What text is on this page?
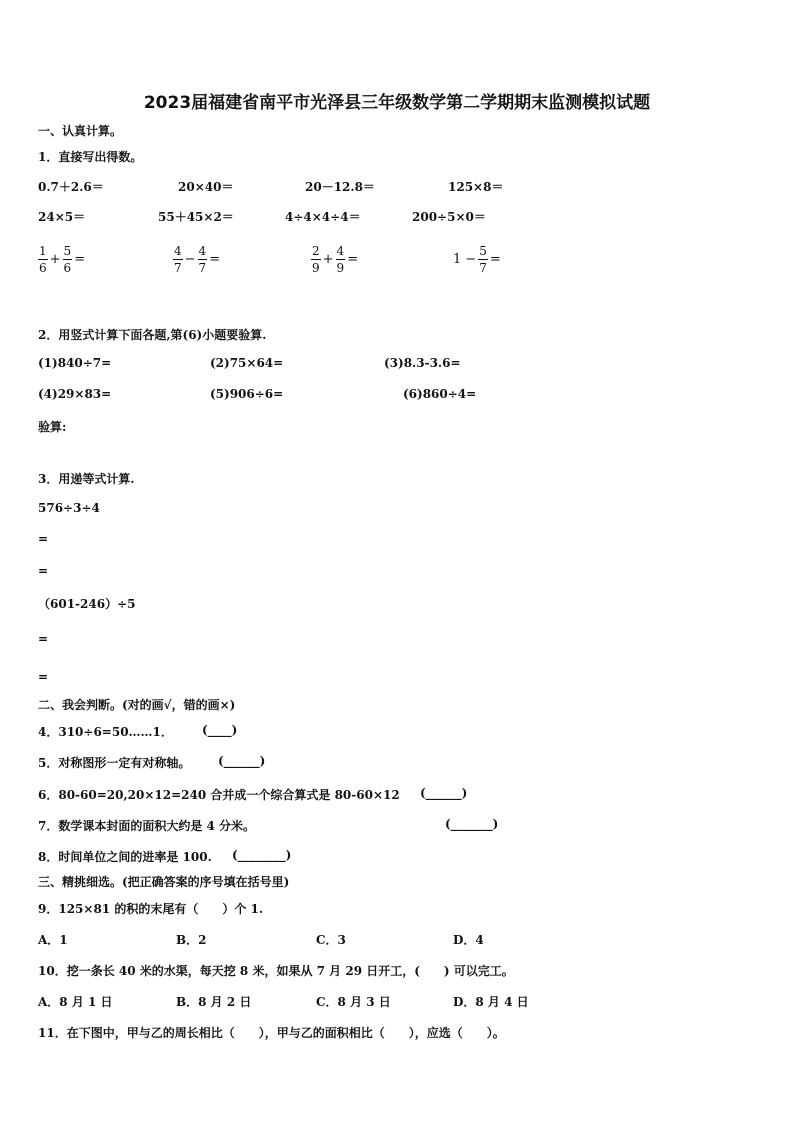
2023届福建省南平市光泽县三年级数学第二学期期末监测模拟试题
一、认真计算。
1．直接写出得数。
0.7＋2.6＝	20×40＝	20－12.8＝	125×8＝
24×5＝	55＋45×2＝	4÷4×4÷4＝	200÷5×0＝
$\frac{1}{6} + \frac{5}{6}$ =	$\frac{4}{7} - \frac{4}{7}$ =	$\frac{2}{9} + \frac{4}{9}$ =	$1 - \frac{5}{7}$ =
2．用竖式计算下面各题,第(6)小题要验算.
(1)840÷7=	(2)75×64=	(3)8.3-3.6=
(4)29×83=	(5)906÷6=	(6)860÷4=
验算:
3．用递等式计算.
576÷3÷4
=
=
（601-246）÷5
=
=
二、我会判断。(对的画√，错的画×)
4．310÷6=50……1． (____)
5．对称图形一定有对称轴。 (______)
6．80-60=20,20×12=240 合并成一个综合算式是 80-60×12 (______)
7．数学课本封面的面积大约是 4 分米。	(_______)
8．时间单位之间的进率是 100. (________)
三、精挑细选。(把正确答案的序号填在括号里)
9．125×81 的积的末尾有（　　）个 1.
A．1	B．2	C．3	D．4
10．挖一条长 40 米的水渠，每天挖 8 米，如果从 7 月 29 日开工，(　　) 可以完工。
A．8 月 1 日	B．8 月 2 日	C．8 月 3 日	D．8 月 4 日
11．在下图中，甲与乙的周长相比（　　），甲与乙的面积相比（　　），应选（　　）。
